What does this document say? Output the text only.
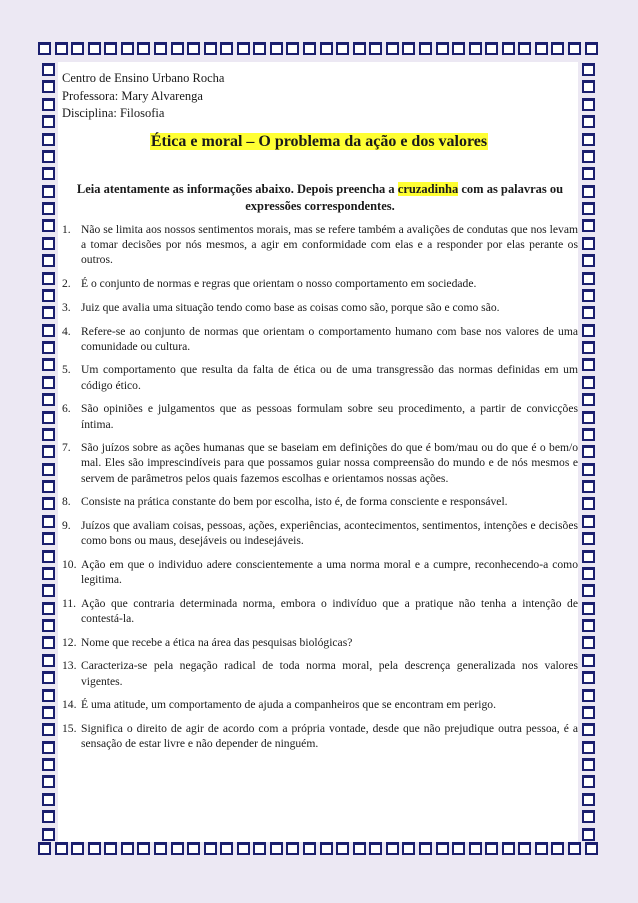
Centro de Ensino Urbano Rocha
Professora: Mary Alvarenga
Disciplina: Filosofia
Ética e moral – O problema da ação e dos valores
Leia atentamente as informações abaixo. Depois preencha a cruzadinha com as palavras ou expressões correspondentes.
1. Não se limita aos nossos sentimentos morais, mas se refere também a avalições de condutas que nos levam a tomar decisões por nós mesmos, a agir em conformidade com elas e a responder por elas perante os outros.
2. É o conjunto de normas e regras que orientam o nosso comportamento em sociedade.
3. Juiz que avalia uma situação tendo como base as coisas como são, porque são e como são.
4. Refere-se ao conjunto de normas que orientam o comportamento humano com base nos valores de uma comunidade ou cultura.
5. Um comportamento que resulta da falta de ética ou de uma transgressão das normas definidas em um código ético.
6. São opiniões e julgamentos que as pessoas formulam sobre seu procedimento, a partir de convicções íntima.
7. São juízos sobre as ações humanas que se baseiam em definições do que é bom/mau ou do que é o bem/o mal. Eles são imprescindíveis para que possamos guiar nossa compreensão do mundo e de nós mesmos e servem de parâmetros pelos quais fazemos escolhas e orientamos nossas ações.
8. Consiste na prática constante do bem por escolha, isto é, de forma consciente e responsável.
9. Juízos que avaliam coisas, pessoas, ações, experiências, acontecimentos, sentimentos, intenções e decisões como bons ou maus, desejáveis ou indesejáveis.
10. Ação em que o individuo adere conscientemente a uma norma moral e a cumpre, reconhecendo-a como legitima.
11. Ação que contraria determinada norma, embora o indivíduo que a pratique não tenha a intenção de contestá-la.
12. Nome que recebe a ética na área das pesquisas biológicas?
13. Caracteriza-se pela negação radical de toda norma moral, pela descrença generalizada nos valores vigentes.
14. É uma atitude, um comportamento de ajuda a companheiros que se encontram em perigo.
15. Significa o direito de agir de acordo com a própria vontade, desde que não prejudique outra pessoa, é a sensação de estar livre e não depender de ninguém.
